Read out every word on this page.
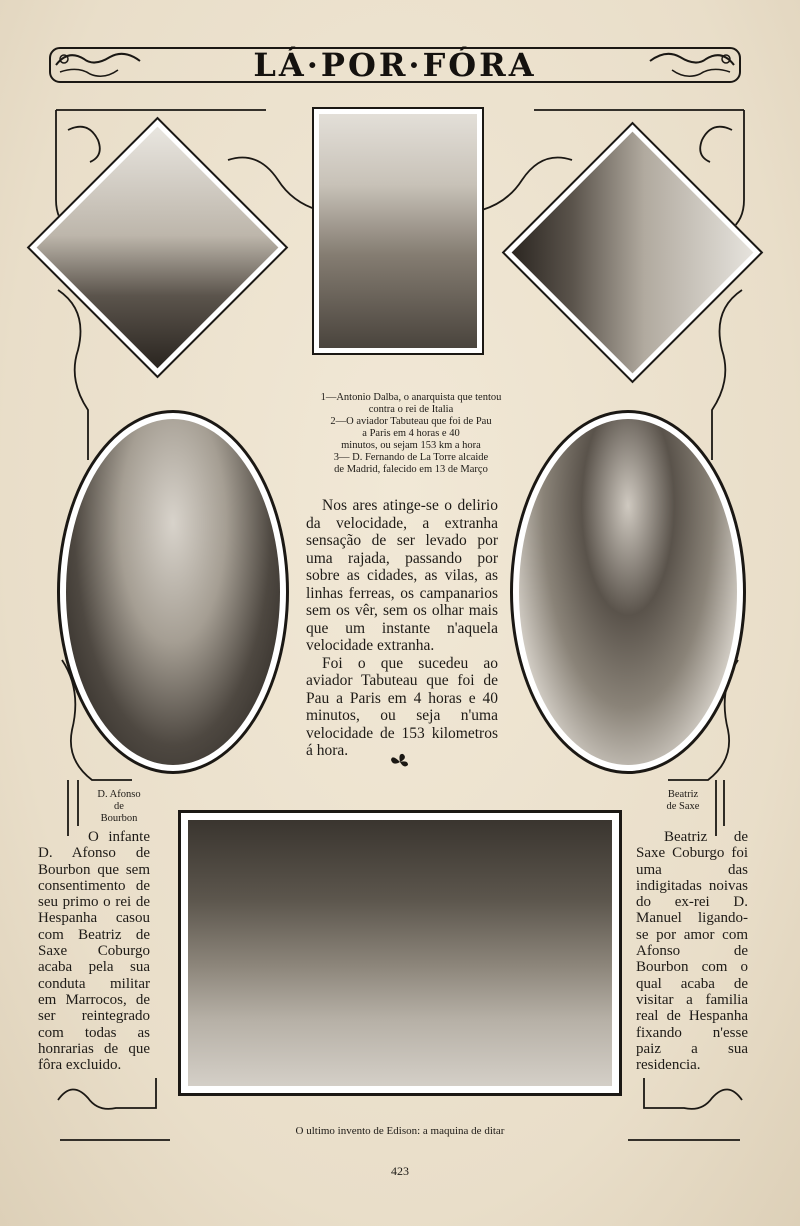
LÁ·POR·FÓRA
1—Antonio Dalba, o anarquista que tentou
contra o rei de Italia
2—O aviador Tabuteau que foi de Pau
a Paris em 4 horas e 40
minutos, ou sejam 153 km a hora
3— D. Fernando de La Torre alcaide
de Madrid, falecido em 13 de Março

Nos ares atinge-se o delirio da velocidade, a extranha sensação de ser levado por uma rajada, passando por sobre as cidades, as vilas, as linhas ferreas, os campanarios sem os vêr, sem os olhar mais que um instante n'aquela velocidade extranha.

Foi o que sucedeu ao aviador Tabuteau que foi de Pau a Paris em 4 horas e 40 minutos, ou seja n'uma velocidade de 153 kilometros á hora.

D. Afonso
de
Bourbon
Beatriz
de Saxe
O infante D. Afonso de Bourbon que sem consentimento de seu primo o rei de Hespanha casou com Beatriz de Saxe Coburgo acaba pela sua conduta militar em Marrocos, de ser reintegrado com todas as honrarias de que fôra excluido.
Beatriz de Saxe Coburgo foi uma das indigitadas noivas do ex-rei D. Manuel ligando-se por amor com Afonso de Bourbon com o qual acaba de visitar a familia real de Hespanha fixando n'esse paiz a sua residencia.
O ultimo invento de Edison: a maquina de ditar
423
